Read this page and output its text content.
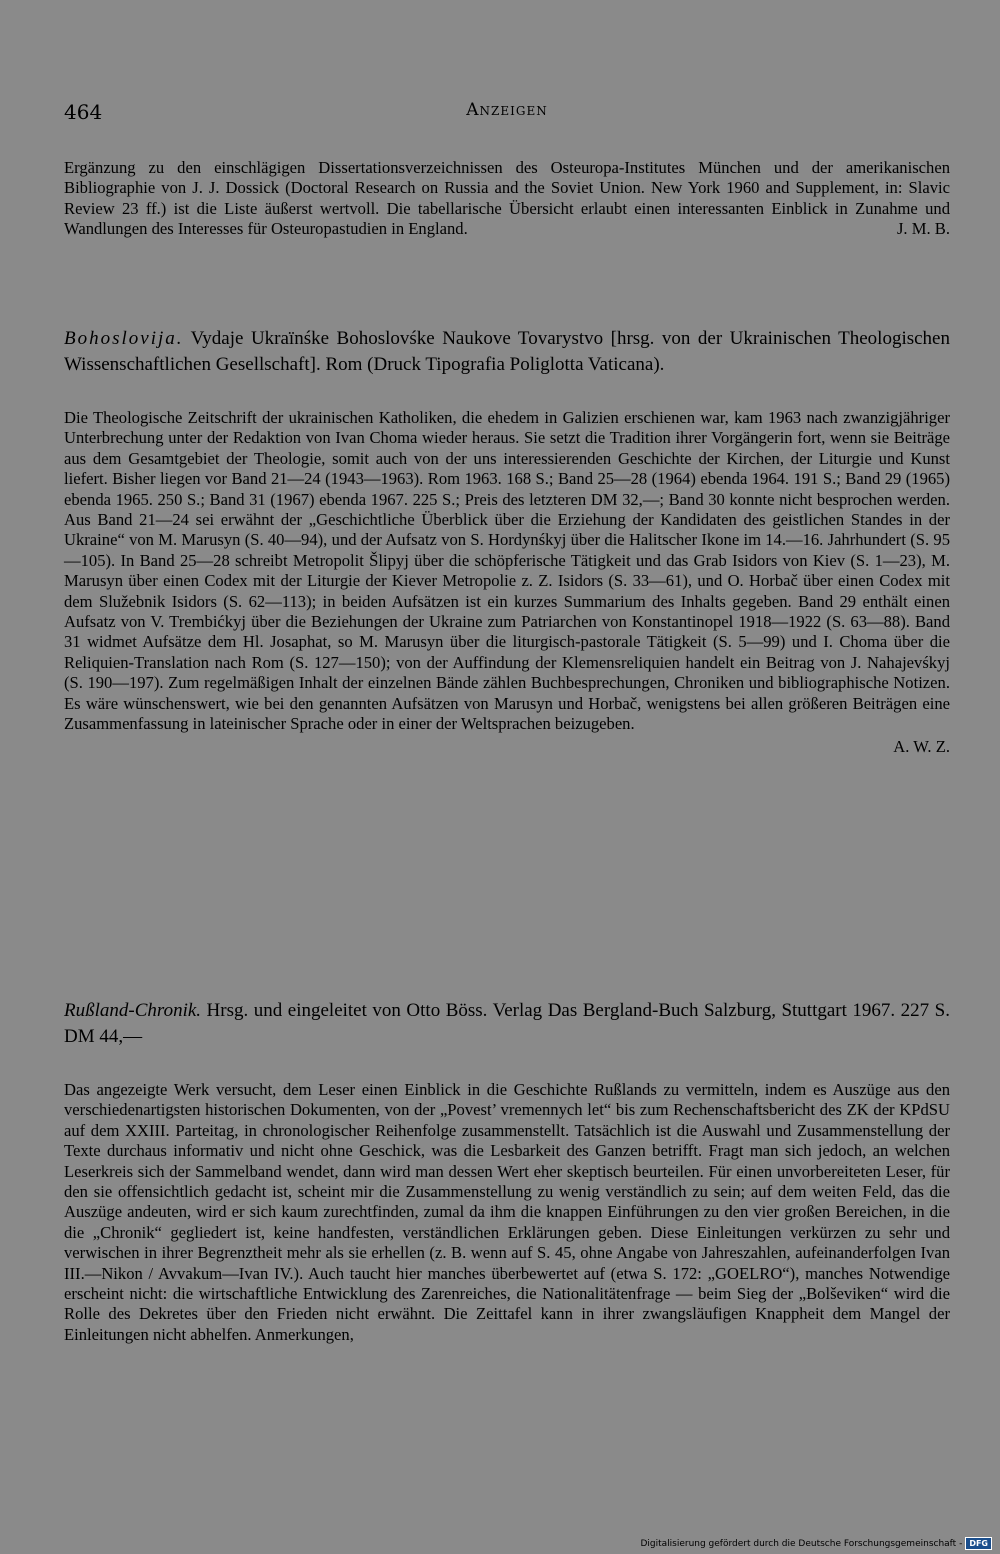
464	Anzeigen

Ergänzung zu den einschlägigen Dissertationsverzeichnissen des Osteuropa-Institutes München und der amerikanischen Bibliographie von J. J. Dossick (Doctoral Research on Russia and the Soviet Union. New York 1960 and Supplement, in: Slavic Review 23 ff.) ist die Liste äußerst wertvoll. Die tabellarische Übersicht erlaubt einen interessanten Einblick in Zunahme und Wandlungen des Interesses für Osteuropastudien in England.	J. M. B.

Bohoslovija. Vydaje Ukraïnśke Bohoslovśke Naukove Tovarystvo [hrsg. von der Ukrainischen Theologischen Wissenschaftlichen Gesellschaft]. Rom (Druck Tipografia Poliglotta Vaticana).

Die Theologische Zeitschrift der ukrainischen Katholiken, die ehedem in Galizien erschienen war, kam 1963 nach zwanzigjähriger Unterbrechung unter der Redaktion von Ivan Choma wieder heraus. Sie setzt die Tradition ihrer Vorgängerin fort, wenn sie Beiträge aus dem Gesamtgebiet der Theologie, somit auch von der uns interessierenden Geschichte der Kirchen, der Liturgie und Kunst liefert. Bisher liegen vor Band 21—24 (1943—1963). Rom 1963. 168 S.; Band 25—28 (1964) ebenda 1964. 191 S.; Band 29 (1965) ebenda 1965. 250 S.; Band 31 (1967) ebenda 1967. 225 S.; Preis des letzteren DM 32,—; Band 30 konnte nicht besprochen werden. Aus Band 21—24 sei erwähnt der „Geschichtliche Überblick über die Erziehung der Kandidaten des geistlichen Standes in der Ukraine“ von M. Marusyn (S. 40—94), und der Aufsatz von S. Hordynśkyj über die Halitscher Ikone im 14.—16. Jahrhundert (S. 95—105). In Band 25—28 schreibt Metropolit Šlipyj über die schöpferische Tätigkeit und das Grab Isidors von Kiev (S. 1—23), M. Marusyn über einen Codex mit der Liturgie der Kiever Metropolie z. Z. Isidors (S. 33—61), und O. Horbač über einen Codex mit dem Služebnik Isidors (S. 62—113); in beiden Aufsätzen ist ein kurzes Summarium des Inhalts gegeben. Band 29 enthält einen Aufsatz von V. Trembićkyj über die Beziehungen der Ukraine zum Patriarchen von Konstantinopel 1918—1922 (S. 63—88). Band 31 widmet Aufsätze dem Hl. Josaphat, so M. Marusyn über die liturgisch-pastorale Tätigkeit (S. 5—99) und I. Choma über die Reliquien-Translation nach Rom (S. 127—150); von der Auffindung der Klemensreliquien handelt ein Beitrag von J. Nahajevśkyj (S. 190—197). Zum regelmäßigen Inhalt der einzelnen Bände zählen Buchbesprechungen, Chroniken und bibliographische Notizen. Es wäre wünschenswert, wie bei den genannten Aufsätzen von Marusyn und Horbač, wenigstens bei allen größeren Beiträgen eine Zusammenfassung in lateinischer Sprache oder in einer der Weltsprachen beizugeben.

A. W. Z.

Rußland-Chronik. Hrsg. und eingeleitet von Otto Böss. Verlag Das Bergland-Buch Salzburg, Stuttgart 1967. 227 S. DM 44,—

Das angezeigte Werk versucht, dem Leser einen Einblick in die Geschichte Rußlands zu vermitteln, indem es Auszüge aus den verschiedenartigsten historischen Dokumenten, von der „Povest’ vremennych let“ bis zum Rechenschaftsbericht des ZK der KPdSU auf dem XXIII. Parteitag, in chronologischer Reihenfolge zusammenstellt. Tatsächlich ist die Auswahl und Zusammenstellung der Texte durchaus informativ und nicht ohne Geschick, was die Lesbarkeit des Ganzen betrifft. Fragt man sich jedoch, an welchen Leserkreis sich der Sammelband wendet, dann wird man dessen Wert eher skeptisch beurteilen. Für einen unvorbereiteten Leser, für den sie offensichtlich gedacht ist, scheint mir die Zusammenstellung zu wenig verständlich zu sein; auf dem weiten Feld, das die Auszüge andeuten, wird er sich kaum zurechtfinden, zumal da ihm die knappen Einführungen zu den vier großen Bereichen, in die die „Chronik“ gegliedert ist, keine handfesten, verständlichen Erklärungen geben. Diese Einleitungen verkürzen zu sehr und verwischen in ihrer Begrenztheit mehr als sie erhellen (z. B. wenn auf S. 45, ohne Angabe von Jahreszahlen, aufeinanderfolgen Ivan III.—Nikon / Avvakum—Ivan IV.). Auch taucht hier manches überbewertet auf (etwa S. 172: „GOELRO“), manches Notwendige erscheint nicht: die wirtschaftliche Entwicklung des Zarenreiches, die Nationalitätenfrage — beim Sieg der „Bolševiken“ wird die Rolle des Dekretes über den Frieden nicht erwähnt. Die Zeittafel kann in ihrer zwangsläufigen Knappheit dem Mangel der Einleitungen nicht abhelfen. Anmerkungen,

Digitalisierung gefördert durch die Deutsche Forschungsgemeinschaft - DFG
